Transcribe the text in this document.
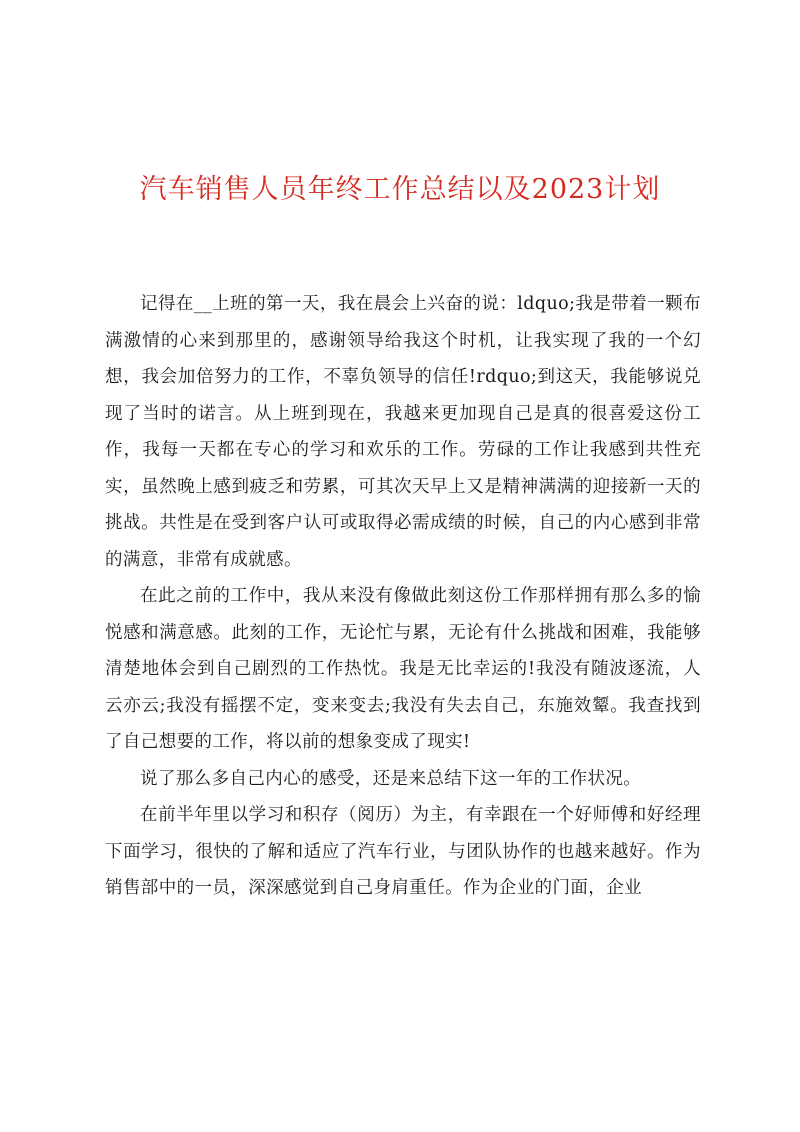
汽车销售人员年终工作总结以及2023计划

记得在__上班的第一天，我在晨会上兴奋的说：ldquo;我是带着一颗布满激情的心来到那里的，感谢领导给我这个时机，让我实现了我的一个幻想，我会加倍努力的工作，不辜负领导的信任!rdquo;到这天，我能够说兑现了当时的诺言。从上班到现在，我越来更加现自己是真的很喜爱这份工作，我每一天都在专心的学习和欢乐的工作。劳碌的工作让我感到共性充实，虽然晚上感到疲乏和劳累，可其次天早上又是精神满满的迎接新一天的挑战。共性是在受到客户认可或取得必需成绩的时候，自己的内心感到非常的满意，非常有成就感。

在此之前的工作中，我从来没有像做此刻这份工作那样拥有那么多的愉悦感和满意感。此刻的工作，无论忙与累，无论有什么挑战和困难，我能够清楚地体会到自己剧烈的工作热忱。我是无比幸运的!我没有随波逐流，人云亦云;我没有摇摆不定，变来变去;我没有失去自己，东施效颦。我查找到了自己想要的工作，将以前的想象变成了现实!

说了那么多自己内心的感受，还是来总结下这一年的工作状况。

在前半年里以学习和积存（阅历）为主，有幸跟在一个好师傅和好经理下面学习，很快的了解和适应了汽车行业，与团队协作的也越来越好。作为销售部中的一员，深深感觉到自己身肩重任。作为企业的门面，企业
